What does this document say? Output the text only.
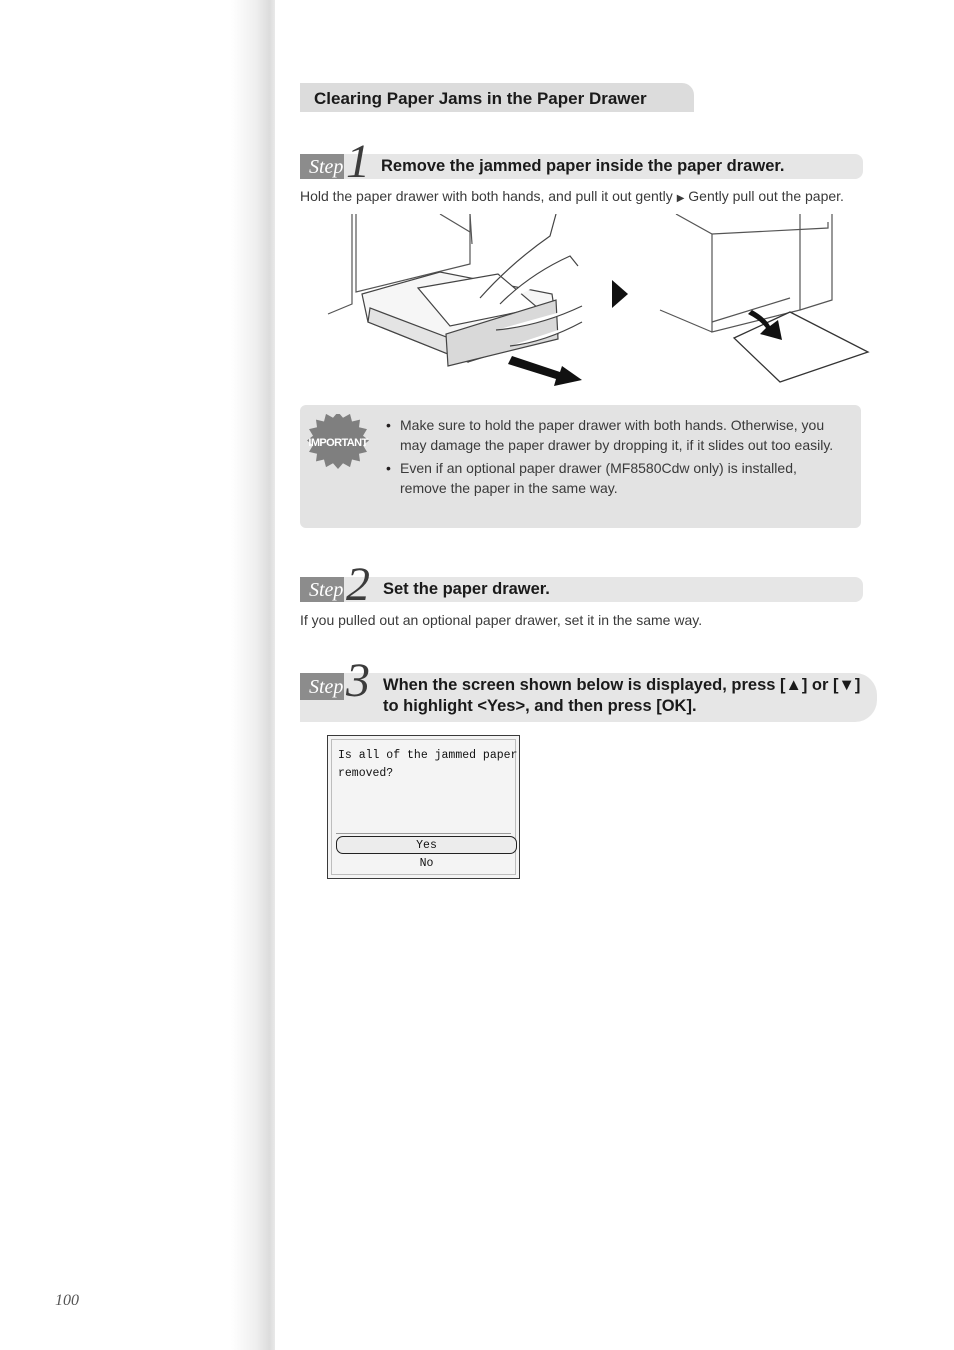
Clearing Paper Jams in the Paper Drawer
Step 1 Remove the jammed paper inside the paper drawer.
Hold the paper drawer with both hands, and pull it out gently ▶ Gently pull out the paper.
IMPORTANT
• Make sure to hold the paper drawer with both hands. Otherwise, you may damage the paper drawer by dropping it, if it slides out too easily.
• Even if an optional paper drawer (MF8580Cdw only) is installed, remove the paper in the same way.
Step 2 Set the paper drawer.
If you pulled out an optional paper drawer, set it in the same way.
Step 3 When the screen shown below is displayed, press [▲] or [▼]
to highlight <Yes>, and then press [OK].
Is all of the jammed paper
removed?
Yes
No
100
